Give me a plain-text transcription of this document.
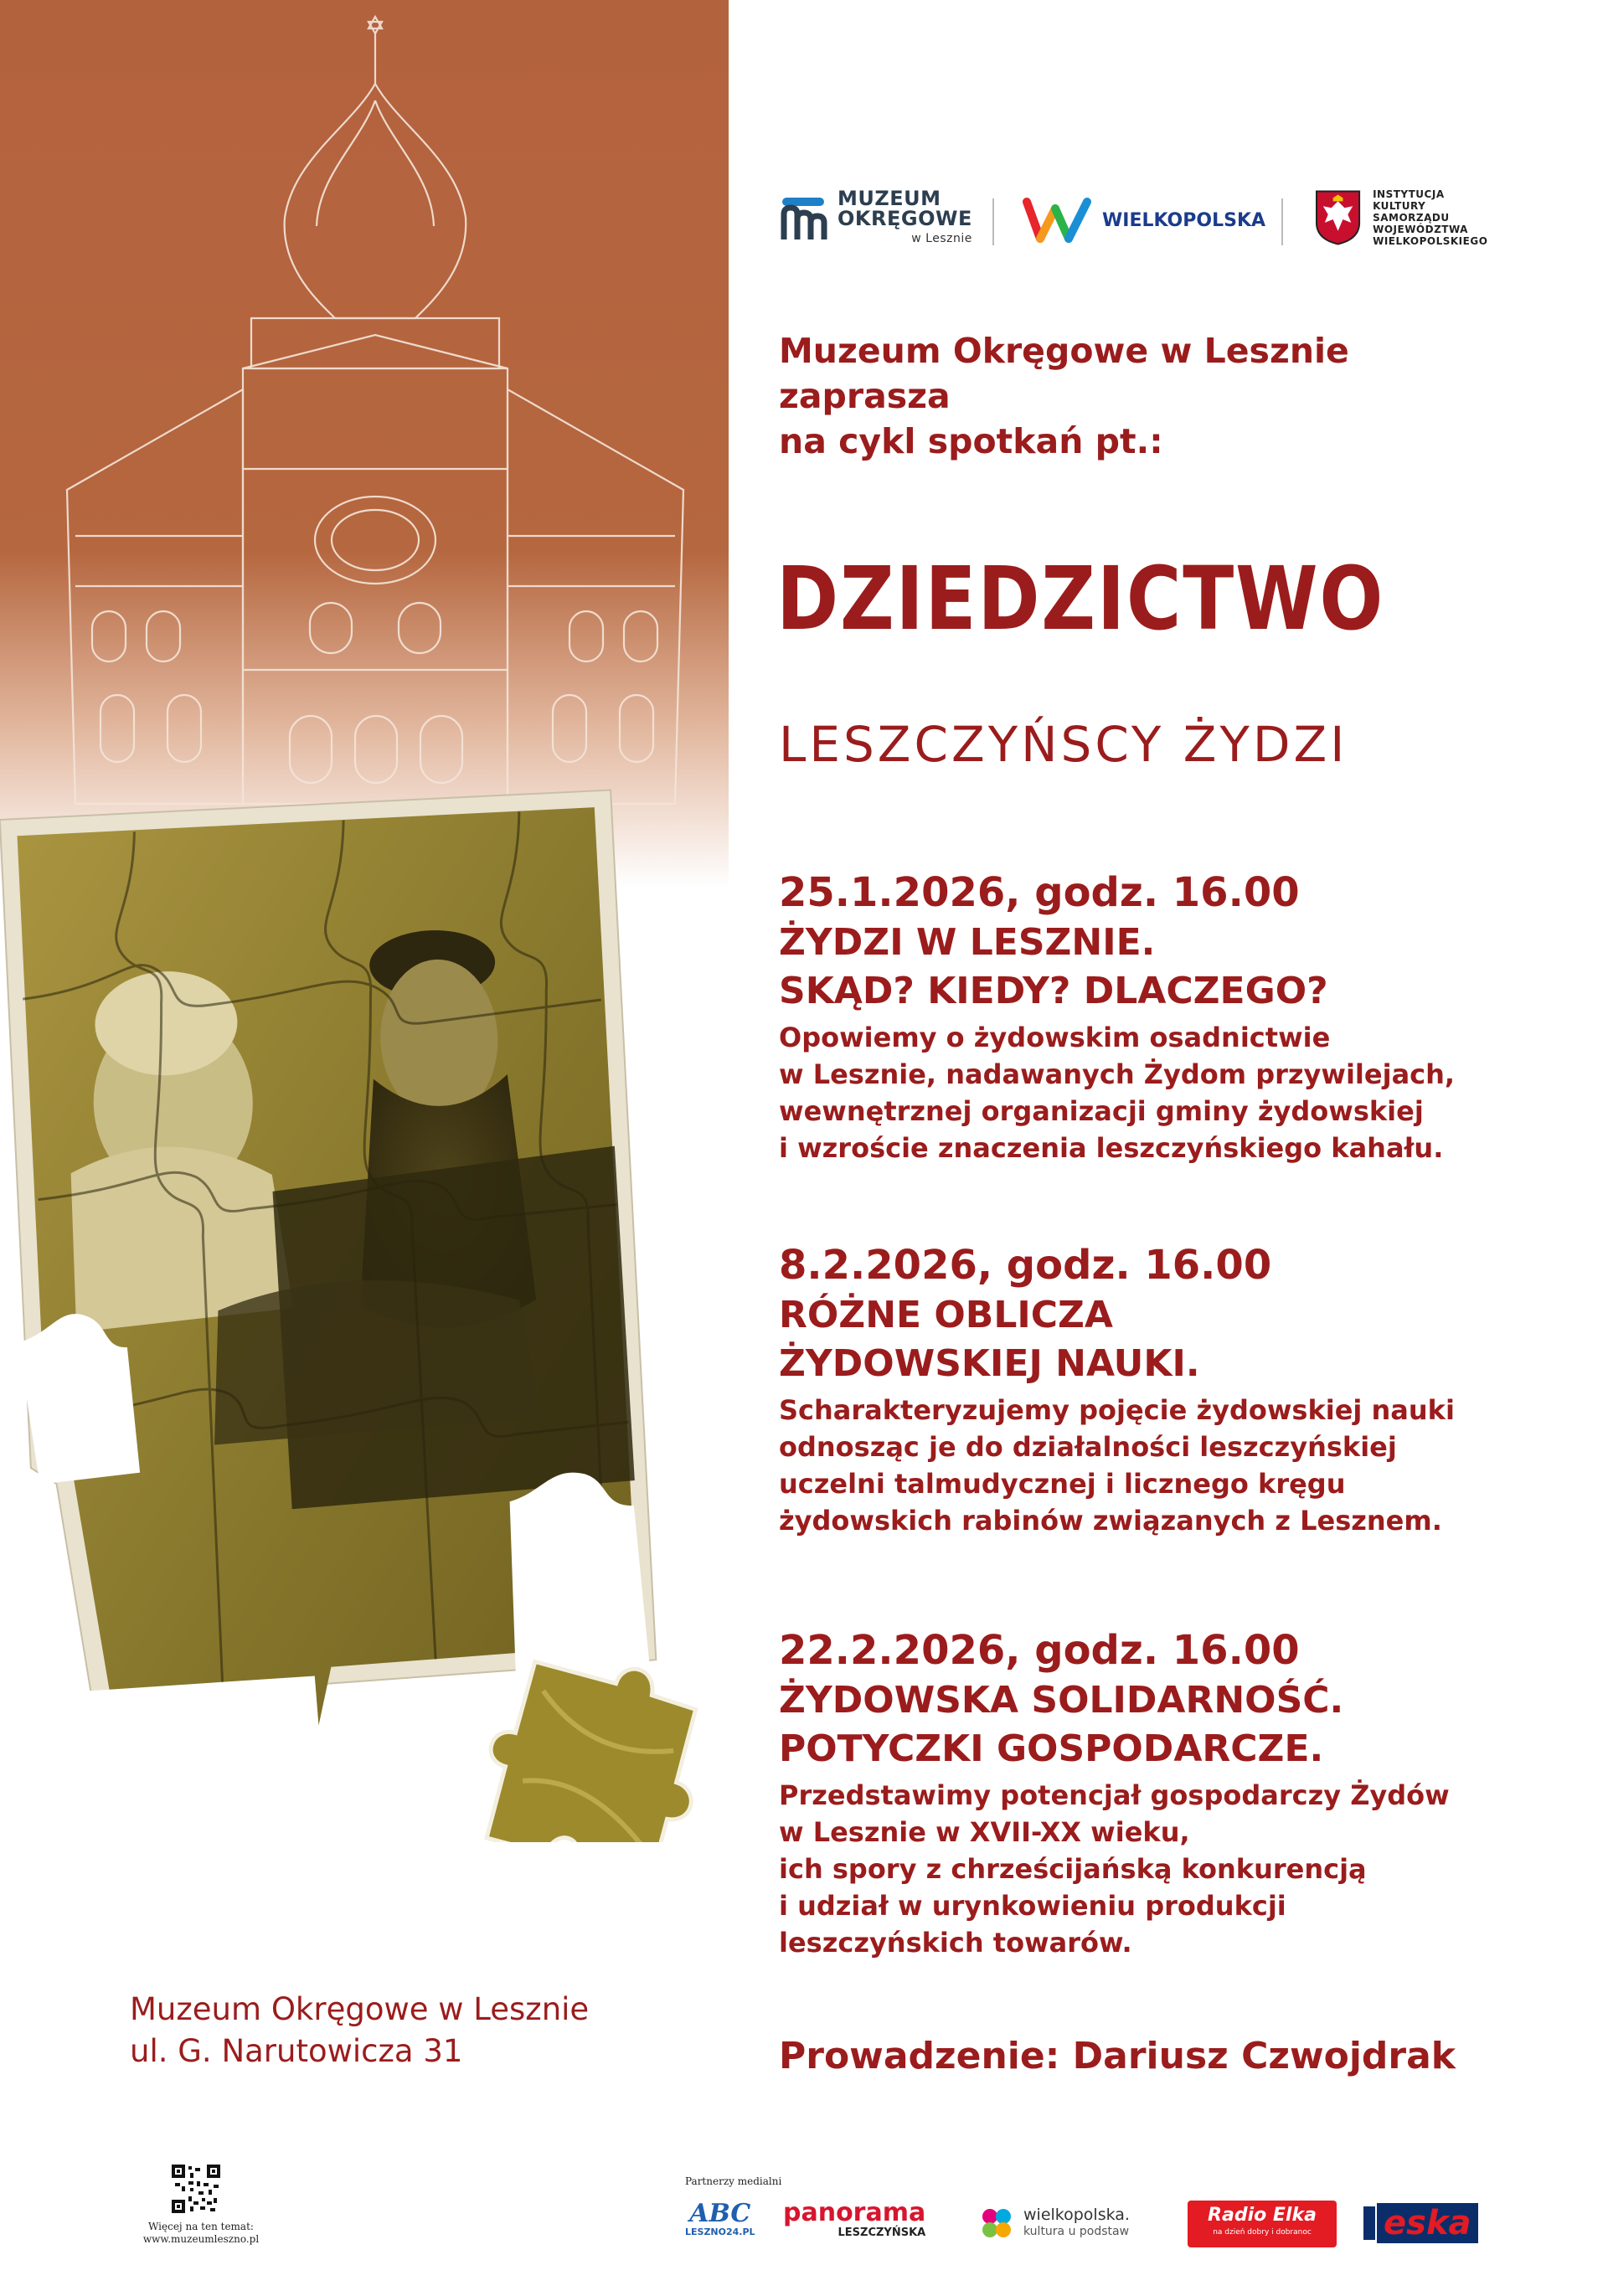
MUZEUM
OKRĘGOWE
w Lesznie
WIELKOPOLSKA
INSTYTUCJA KULTURY
SAMORZĄDU
WOJEWÓDZTWA
WIELKOPOLSKIEGO
Muzeum Okręgowe w Lesznie
zaprasza
na cykl spotkań pt.:
DZIEDZICTWO
LESZCZYŃSCY ŻYDZI
25.1.2026, godz. 16.00
ŻYDZI W LESZNIE.
SKĄD? KIEDY? DLACZEGO?
Opowiemy o żydowskim osadnictwie
w Lesznie, nadawanych Żydom przywilejach,
wewnętrznej organizacji gminy żydowskiej
i wzroście znaczenia leszczyńskiego kahału.
8.2.2026, godz. 16.00
RÓŻNE OBLICZA
ŻYDOWSKIEJ NAUKI.
Scharakteryzujemy pojęcie żydowskiej nauki
odnosząc je do działalności leszczyńskiej
uczelni talmudycznej i licznego kręgu
żydowskich rabinów związanych z Lesznem.
22.2.2026, godz. 16.00
ŻYDOWSKA SOLIDARNOŚĆ.
POTYCZKI GOSPODARCZE.
Przedstawimy potencjał gospodarczy Żydów
w Lesznie w XVII-XX wieku,
ich spory z chrześcijańską konkurencją
i udział w urynkowieniu produkcji
leszczyńskich towarów.
Prowadzenie: Dariusz Czwojdrak
Muzeum Okręgowe w Lesznie
ul. G. Narutowicza 31
Więcej na ten temat:
www.muzeumleszno.pl
Partnerzy medialni
ABC
LESZNO24.PL
panorama
LESZCZYŃSKA
wielkopolska.
kultura u podstaw
Radio Elka
na dzień dobry i dobranoc eska
